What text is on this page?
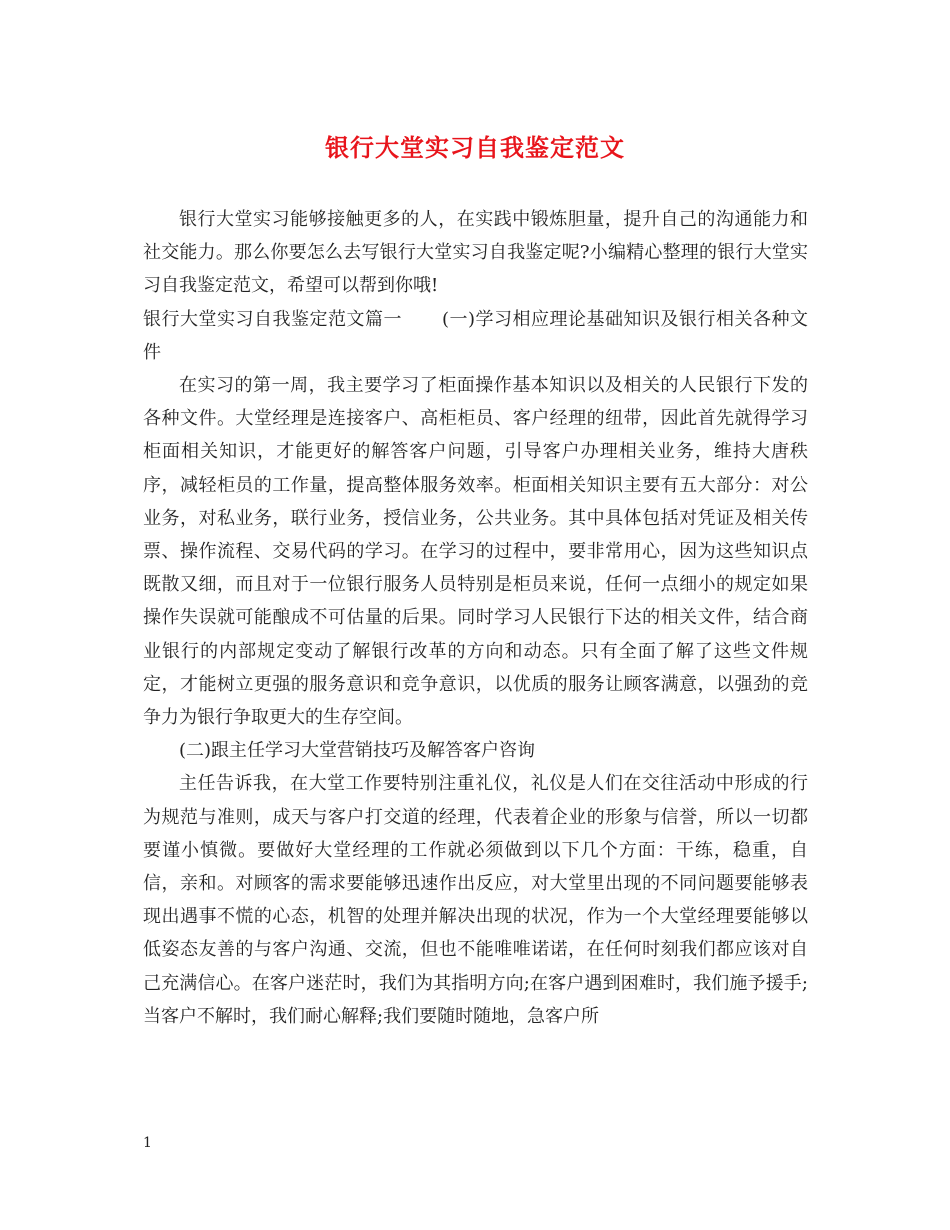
银行大堂实习自我鉴定范文

银行大堂实习能够接触更多的人，在实践中锻炼胆量，提升自己的沟通能力和社交能力。那么你要怎么去写银行大堂实习自我鉴定呢?小编精心整理的银行大堂实习自我鉴定范文，希望可以帮到你哦!

银行大堂实习自我鉴定范文篇一 (一)学习相应理论基础知识及银行相关各种文件

在实习的第一周，我主要学习了柜面操作基本知识以及相关的人民银行下发的各种文件。大堂经理是连接客户、高柜柜员、客户经理的纽带，因此首先就得学习柜面相关知识，才能更好的解答客户问题，引导客户办理相关业务，维持大唐秩序，减轻柜员的工作量，提高整体服务效率。柜面相关知识主要有五大部分：对公业务，对私业务，联行业务，授信业务，公共业务。其中具体包括对凭证及相关传票、操作流程、交易代码的学习。在学习的过程中，要非常用心，因为这些知识点既散又细，而且对于一位银行服务人员特别是柜员来说，任何一点细小的规定如果操作失误就可能酿成不可估量的后果。同时学习人民银行下达的相关文件，结合商业银行的内部规定变动了解银行改革的方向和动态。只有全面了解了这些文件规定，才能树立更强的服务意识和竞争意识，以优质的服务让顾客满意，以强劲的竞争力为银行争取更大的生存空间。

(二)跟主任学习大堂营销技巧及解答客户咨询

主任告诉我，在大堂工作要特别注重礼仪，礼仪是人们在交往活动中形成的行为规范与准则，成天与客户打交道的经理，代表着企业的形象与信誉，所以一切都要谨小慎微。要做好大堂经理的工作就必须做到以下几个方面：干练，稳重，自信，亲和。对顾客的需求要能够迅速作出反应，对大堂里出现的不同问题要能够表现出遇事不慌的心态，机智的处理并解决出现的状况，作为一个大堂经理要能够以低姿态友善的与客户沟通、交流，但也不能唯唯诺诺，在任何时刻我们都应该对自己充满信心。在客户迷茫时，我们为其指明方向;在客户遇到困难时，我们施予援手;当客户不解时，我们耐心解释;我们要随时随地，急客户所

1
